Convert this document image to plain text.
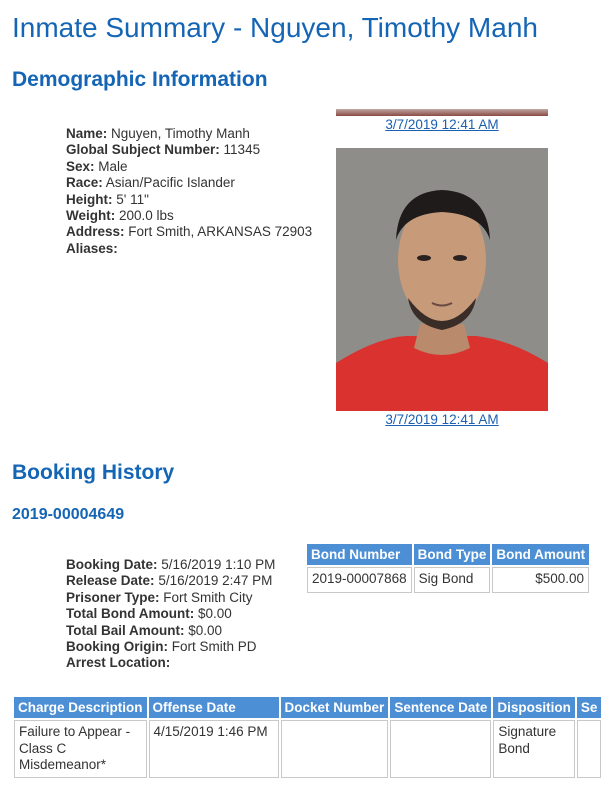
Inmate Summary - Nguyen, Timothy Manh
Demographic Information
Name: Nguyen, Timothy Manh
Global Subject Number: 11345
Sex: Male
Race: Asian/Pacific Islander
Height: 5' 11"
Weight: 200.0 lbs
Address: Fort Smith, ARKANSAS 72903
Aliases:
3/7/2019 12:41 AM
3/7/2019 12:41 AM
Booking History
2019-00004649
Booking Date: 5/16/2019 1:10 PM
Release Date: 5/16/2019 2:47 PM
Prisoner Type: Fort Smith City
Total Bond Amount: $0.00
Total Bail Amount: $0.00
Booking Origin: Fort Smith PD
Arrest Location:
Bond Number	Bond Type	Bond Amount
2019-00007868	Sig Bond	$500.00
Charge Description	Offense Date	Docket Number	Sentence Date	Disposition	Se
Failure to Appear - Class C Misdemeanor*	4/15/2019 1:46 PM			Signature Bond	
